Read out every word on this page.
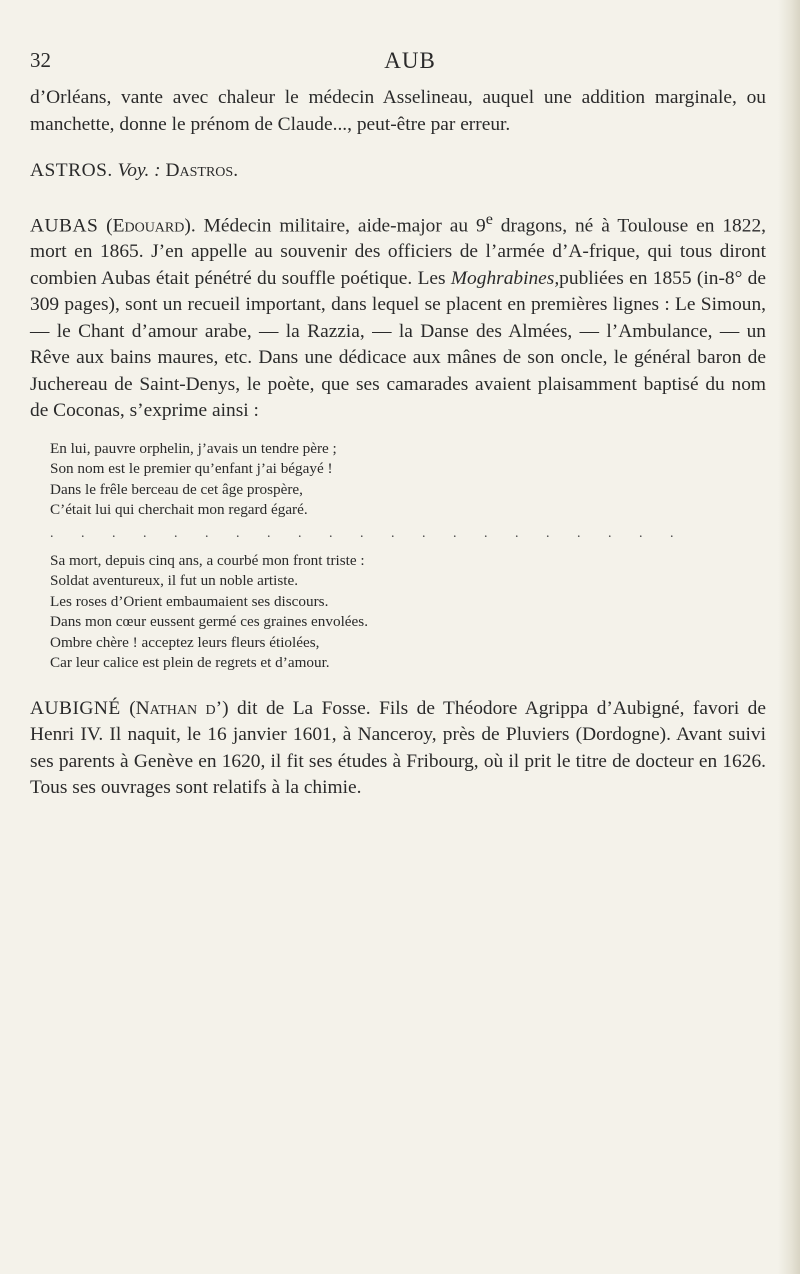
32	AUB

d’Orléans, vante avec chaleur le médecin Asselineau, auquel une addition marginale, ou manchette, donne le prénom de Claude..., peut-être par erreur.

ASTROS. Voy. : Dastros.

AUBAS (Edouard). Médecin militaire, aide-major au 9e dragons, né à Toulouse en 1822, mort en 1865. J’en appelle au souvenir des officiers de l’armée d’A-frique, qui tous diront combien Aubas était pénétré du souffle poétique. Les Moghrabines,publiées en 1855 (in-8° de 309 pages), sont un recueil important, dans lequel se placent en premières lignes : Le Simoun, — le Chant d’amour arabe, — la Razzia, — la Danse des Almées, — l’Ambulance, — un Rêve aux bains maures, etc. Dans une dédicace aux mânes de son oncle, le général baron de Juchereau de Saint-Denys, le poète, que ses camarades avaient plaisamment baptisé du nom de Coconas, s’exprime ainsi :

En lui, pauvre orphelin, j’avais un tendre père ;
Son nom est le premier qu’enfant j’ai bégayé !
Dans le frêle berceau de cet âge prospère,
C’était lui qui cherchait mon regard égaré.
. . . . . . . . . . . . . . . . . . . . .
Sa mort, depuis cinq ans, a courbé mon front triste :
Soldat aventureux, il fut un noble artiste.
Les roses d’Orient embaumaient ses discours.
Dans mon cœur eussent germé ces graines envolées.
Ombre chère ! acceptez leurs fleurs étiolées,
Car leur calice est plein de regrets et d’amour.

AUBIGNÉ (Nathan d’) dit de La Fosse. Fils de Théodore Agrippa d’Aubigné, favori de Henri IV. Il naquit, le 16 janvier 1601, à Nanceroy, près de Pluviers (Dordogne). Avant suivi ses parents à Genève en 1620, il fit ses études à Fribourg, où il prit le titre de docteur en 1626. Tous ses ouvrages sont relatifs à la chimie.
